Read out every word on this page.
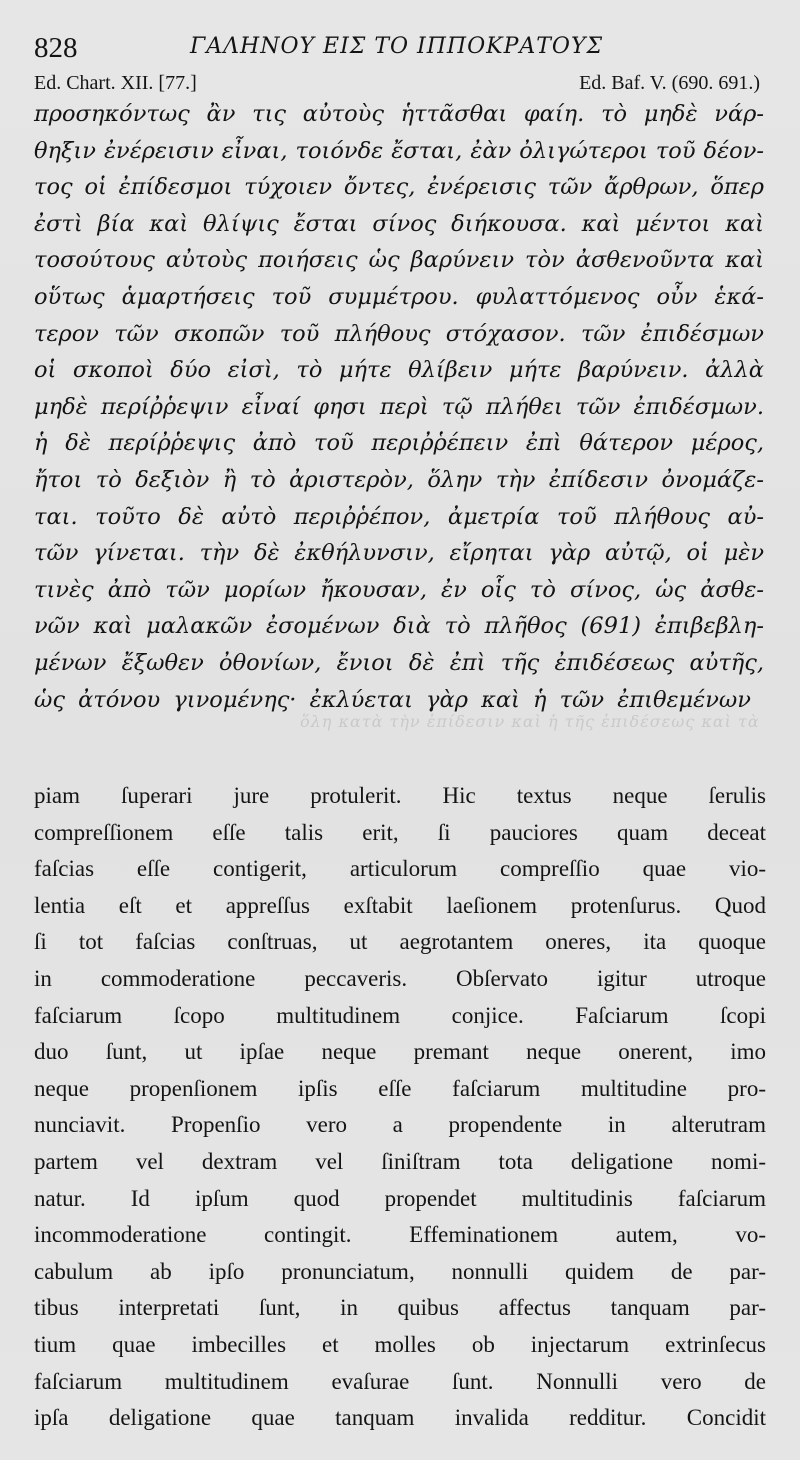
828	ΓΑΛΗΝΟΥ ΕΙΣ ΤΟ ΙΠΠΟΚΡΑΤΟΥΣ
Ed. Chart. XII. [77.]	Ed. Baf. V. (690. 691.)
προσηκόντως ἂν τις αὐτοὺς ἡττᾶσθαι φαίη. τὸ μηδὲ νάρ-
θηξιν ἐνέρεισιν εἶναι, τοιόνδε ἔσται, ἐὰν ὀλιγώτεροι τοῦ δέον-
τος οἱ ἐπίδεσμοι τύχοιεν ὄντες, ἐνέρεισις τῶν ἄρθρων, ὅπερ
ἐστὶ βία καὶ θλίψις ἔσται σίνος διήκουσα. καὶ μέντοι καὶ
τοσούτους αὐτοὺς ποιήσεις ὡς βαρύνειν τὸν ἀσθενοῦντα καὶ
οὕτως ἁμαρτήσεις τοῦ συμμέτρου. φυλαττόμενος οὖν ἑκά-
τερον τῶν σκοπῶν τοῦ πλήθους στόχασον. τῶν ἐπιδέσμων
οἱ σκοποὶ δύο εἰσὶ, τὸ μήτε θλίβειν μήτε βαρύνειν. ἀλλὰ
μηδὲ περίῤῥεψιν εἶναί φησι περὶ τῷ πλήθει τῶν ἐπιδέσμων.
ἡ δὲ περίῤῥεψις ἀπὸ τοῦ περιῤῥέπειν ἐπὶ θάτερον μέρος,
ἤτοι τὸ δεξιὸν ἢ τὸ ἀριστερὸν, ὅλην τὴν ἐπίδεσιν ὀνομάζε-
ται. τοῦτο δὲ αὐτὸ περιῤῥέπον, ἀμετρία τοῦ πλήθους αὐ-
τῶν γίνεται. τὴν δὲ ἐκθήλυνσιν, εἴρηται γὰρ αὐτῷ, οἱ μὲν
τινὲς ἀπὸ τῶν μορίων ἤκουσαν, ἐν οἷς τὸ σίνος, ὡς ἀσθε-
νῶν καὶ μαλακῶν ἐσομένων διὰ τὸ πλῆθος (691) ἐπιβεβλη-
μένων ἔξωθεν ὀθονίων, ἔνιοι δὲ ἐπὶ τῆς ἐπιδέσεως αὐτῆς,
ὡς ἀτόνου γινομένης· ἐκλύεται γὰρ καὶ ἡ τῶν ἐπιθεμένων
ὅλη κατὰ τὴν ἐπίδεσιν καὶ ἡ τῆς ἐπιδέσεως καὶ τὰ
piam ſuperari jure protulerit. Hic textus neque ſerulis
compreſſionem eſſe talis erit, ſi pauciores quam deceat
faſcias eſſe contigerit, articulorum compreſſio quae vio-
lentia eſt et appreſſus exſtabit laeſionem protenſurus. Quod
ſi tot faſcias conſtruas, ut aegrotantem oneres, ita quoque
in commoderatione peccaveris. Obſervato igitur utroque
faſciarum ſcopo multitudinem conjice. Faſciarum ſcopi
duo ſunt, ut ipſae neque premant neque onerent, imo
neque propenſionem ipſis eſſe faſciarum multitudine pro-
nunciavit. Propenſio vero a propendente in alterutram
partem vel dextram vel ſiniſtram tota deligatione nomi-
natur. Id ipſum quod propendet multitudinis faſciarum
incommoderatione contingit. Effeminationem autem, vo-
cabulum ab ipſo pronunciatum, nonnulli quidem de par-
tibus interpretati ſunt, in quibus affectus tanquam par-
tium quae imbecilles et molles ob injectarum extrinſecus
faſciarum multitudinem evaſurae ſunt. Nonnulli vero de
ipſa deligatione quae tanquam invalida redditur. Concidit
